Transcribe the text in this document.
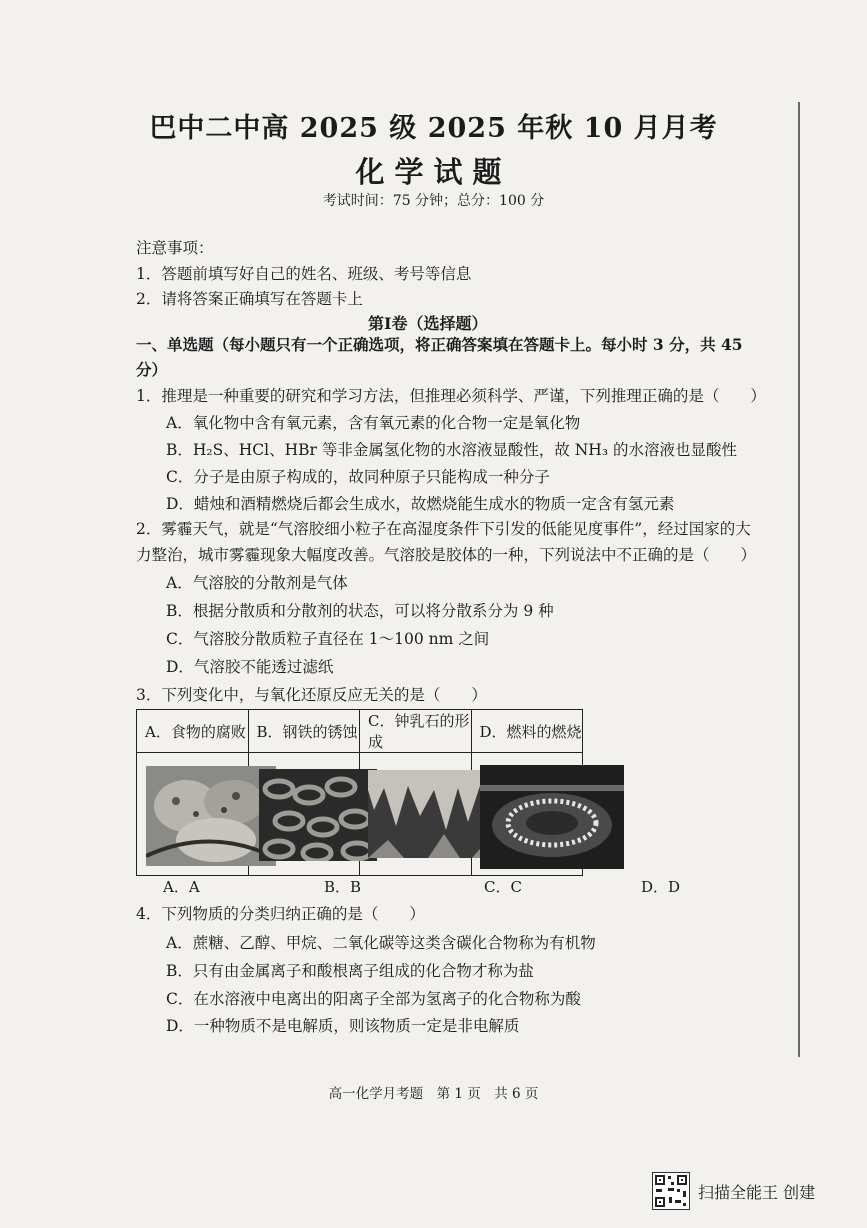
巴中二中高 2025 级 2025 年秋 10 月月考
化学试题
考试时间：75 分钟；总分：100 分
注意事项：
1．答题前填写好自己的姓名、班级、考号等信息
2．请将答案正确填写在答题卡上
第Ⅰ卷（选择题）
一、单选题（每小题只有一个正确选项，将正确答案填在答题卡上。每小时 3 分，共 45
分）
1．推理是一种重要的研究和学习方法，但推理必须科学、严谨，下列推理正确的是（　　）
A．氧化物中含有氧元素，含有氧元素的化合物一定是氧化物
B．H₂S、HCl、HBr 等非金属氢化物的水溶液显酸性，故 NH₃ 的水溶液也显酸性
C．分子是由原子构成的，故同种原子只能构成一种分子
D．蜡烛和酒精燃烧后都会生成水，故燃烧能生成水的物质一定含有氢元素
2．雾霾天气，就是“气溶胶细小粒子在高湿度条件下引发的低能见度事件”，经过国家的大
力整治，城市雾霾现象大幅度改善。气溶胶是胶体的一种，下列说法中不正确的是（　　）
A．气溶胶的分散剂是气体
B．根据分散质和分散剂的状态，可以将分散系分为 9 种
C．气溶胶分散质粒子直径在 1～100 nm 之间
D．气溶胶不能透过滤纸
3．下列变化中，与氧化还原反应无关的是（　　）
A．食物的腐败	B．钢铁的锈蚀	C．钟乳石的形成	D．燃料的燃烧

A．A	B．B	C．C	D．D
4．下列物质的分类归纳正确的是（　　）
A．蔗糖、乙醇、甲烷、二氧化碳等这类含碳化合物称为有机物
B．只有由金属离子和酸根离子组成的化合物才称为盐
C．在水溶液中电离出的阳离子全部为氢离子的化合物称为酸
D．一种物质不是电解质，则该物质一定是非电解质
高一化学月考题　第 1 页　共 6 页
扫描全能王 创建
